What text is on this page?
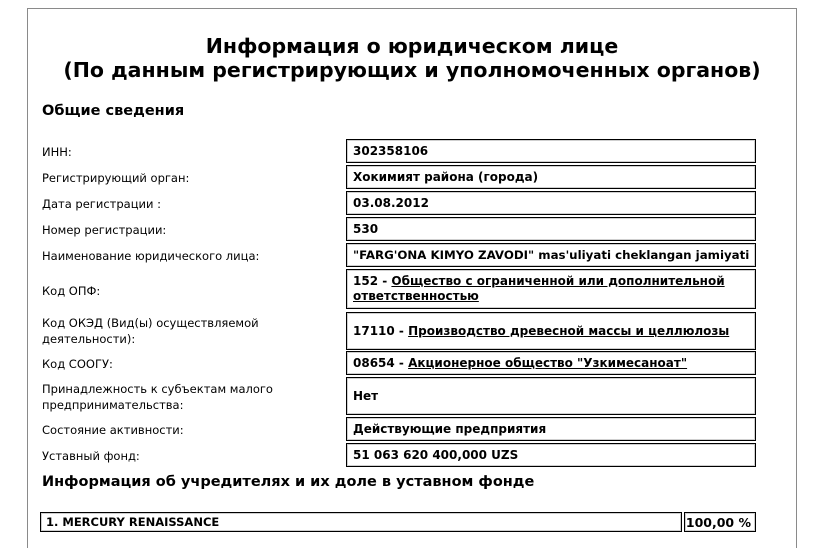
Информация о юридическом лице
(По данным регистрирующих и уполномоченных органов)
Общие сведения
ИНН:	302358106
Регистрирующий орган:	Хокимият района (города)
Дата регистрации :	03.08.2012
Номер регистрации:	530
Наименование юридического лица:	"FARG'ONA KIMYO ZAVODI" mas'uliyati cheklangan jamiyati
Код ОПФ:
152 - Общество с ограниченной или дополнительной ответственностью
Код ОКЭД (Вид(ы) осуществляемой
деятельности):
17110 - Производство древесной массы и целлюлозы
Код СООГУ:	08654 - Акционерное общество "Узкимесаноат"
Принадлежность к субъектам малого
предпринимательства:
Нет
Состояние активности:	Действующие предприятия
Уставный фонд:	51 063 620 400,000 UZS
Информация об учредителях и их доле в уставном фонде
1. MERCURY RENAISSANCE	100,00 %
